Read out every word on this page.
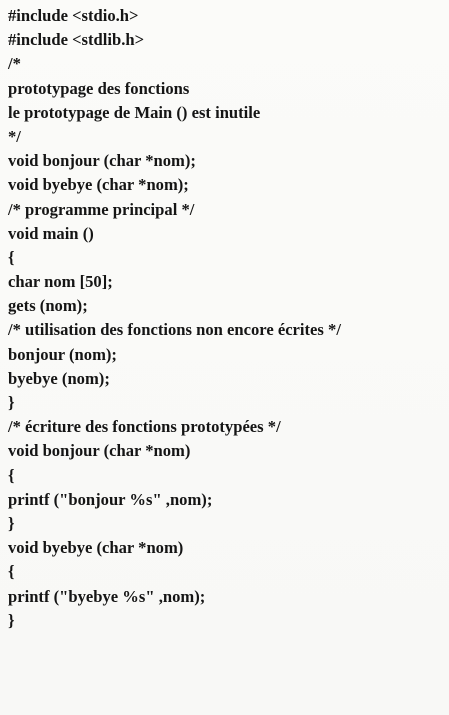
#include <stdio.h>
#include <stdlib.h>
/*
prototypage des fonctions
le prototypage de Main () est inutile
*/
void bonjour (char *nom);
void byebye (char *nom);
/* programme principal */
void main ()
{
char nom [50];
gets (nom);
/* utilisation des fonctions non encore écrites */
bonjour (nom);
byebye (nom);
}
/* écriture des fonctions prototypées */
void bonjour (char *nom)
{
printf ("bonjour %s" ,nom);
}
void byebye (char *nom)
{
printf ("byebye %s" ,nom);
}
